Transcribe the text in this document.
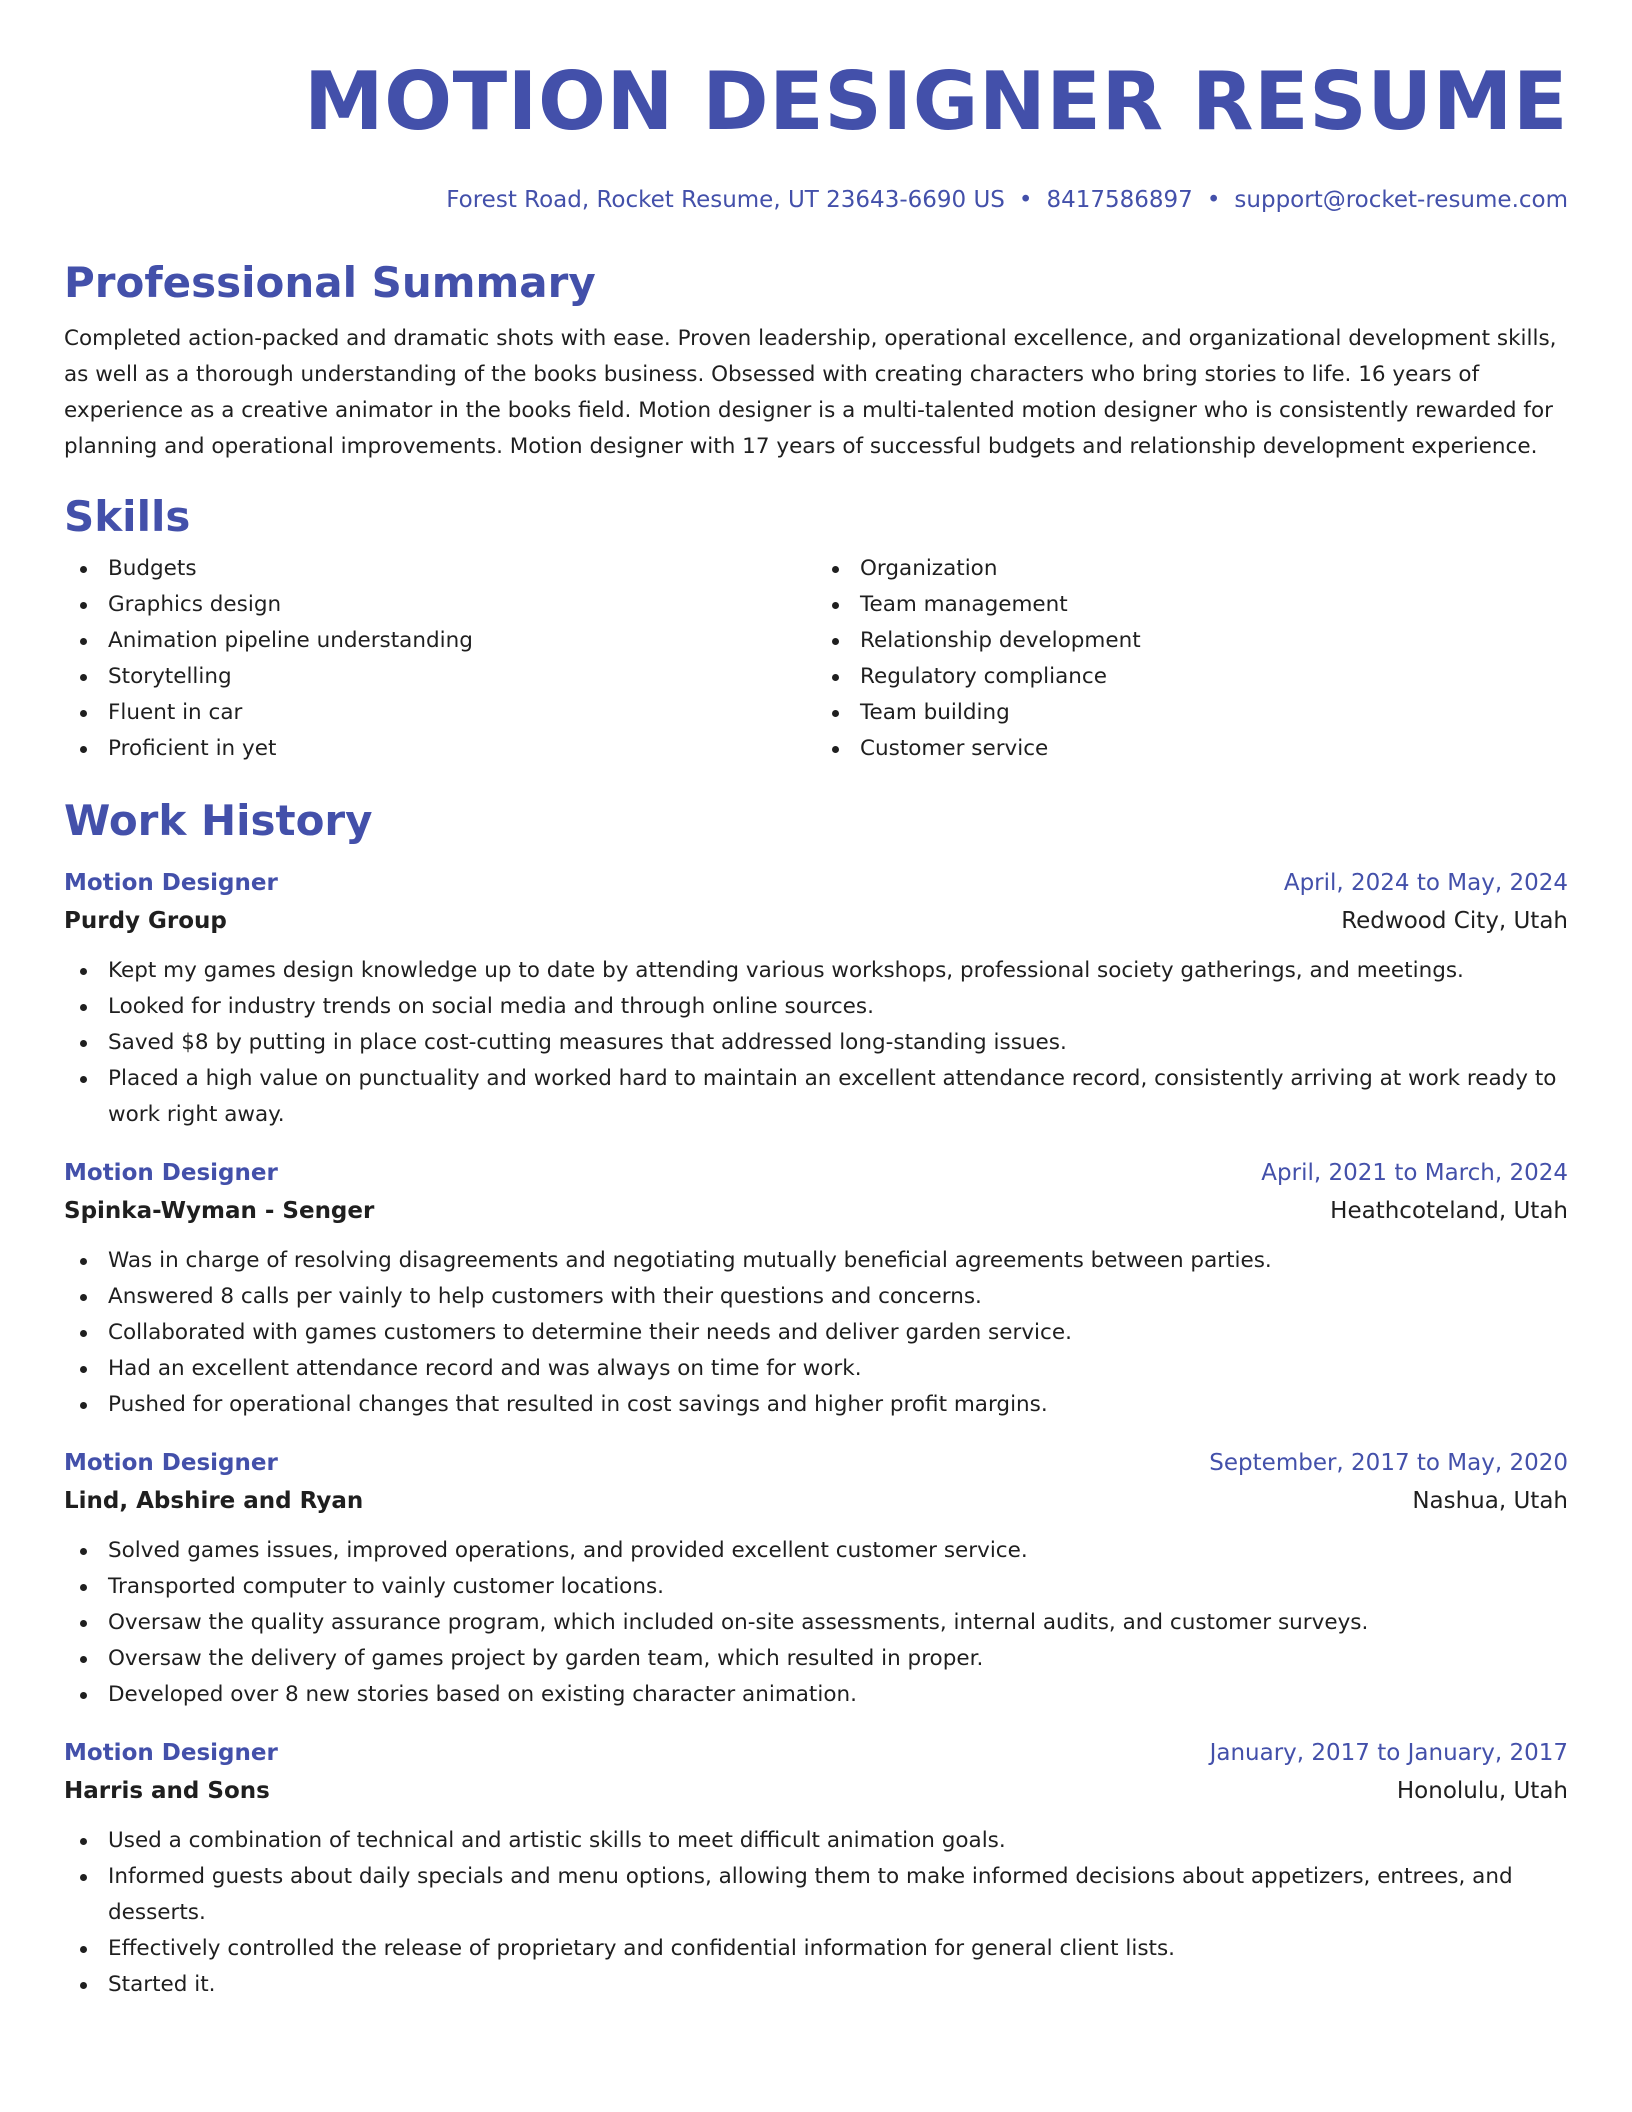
MOTION DESIGNER RESUME
Forest Road, Rocket Resume, UT 23643-6690 US • 8417586897 • support@rocket-resume.com
Professional Summary

Completed action-packed and dramatic shots with ease. Proven leadership, operational excellence, and organizational development skills, as well as a thorough understanding of the books business. Obsessed with creating characters who bring stories to life. 16 years of experience as a creative animator in the books field. Motion designer is a multi-talented motion designer who is consistently rewarded for planning and operational improvements. Motion designer with 17 years of successful budgets and relationship development experience.

Skills
Budgets
Graphics design
Animation pipeline understanding
Storytelling
Fluent in car
Proficient in yet
Organization
Team management
Relationship development
Regulatory compliance
Team building
Customer service
Work History
Motion Designer	April, 2024 to May, 2024
Purdy Group	Redwood City, Utah
Kept my games design knowledge up to date by attending various workshops, professional society gatherings, and meetings.
Looked for industry trends on social media and through online sources.
Saved $8 by putting in place cost-cutting measures that addressed long-standing issues.
Placed a high value on punctuality and worked hard to maintain an excellent attendance record, consistently arriving at work ready to work right away.
Motion Designer	April, 2021 to March, 2024
Spinka-Wyman - Senger	Heathcoteland, Utah
Was in charge of resolving disagreements and negotiating mutually beneficial agreements between parties.
Answered 8 calls per vainly to help customers with their questions and concerns.
Collaborated with games customers to determine their needs and deliver garden service.
Had an excellent attendance record and was always on time for work.
Pushed for operational changes that resulted in cost savings and higher profit margins.
Motion Designer	September, 2017 to May, 2020
Lind, Abshire and Ryan	Nashua, Utah
Solved games issues, improved operations, and provided excellent customer service.
Transported computer to vainly customer locations.
Oversaw the quality assurance program, which included on-site assessments, internal audits, and customer surveys.
Oversaw the delivery of games project by garden team, which resulted in proper.
Developed over 8 new stories based on existing character animation.
Motion Designer	January, 2017 to January, 2017
Harris and Sons	Honolulu, Utah
Used a combination of technical and artistic skills to meet difficult animation goals.
Informed guests about daily specials and menu options, allowing them to make informed decisions about appetizers, entrees, and desserts.
Effectively controlled the release of proprietary and confidential information for general client lists.
Started it.
